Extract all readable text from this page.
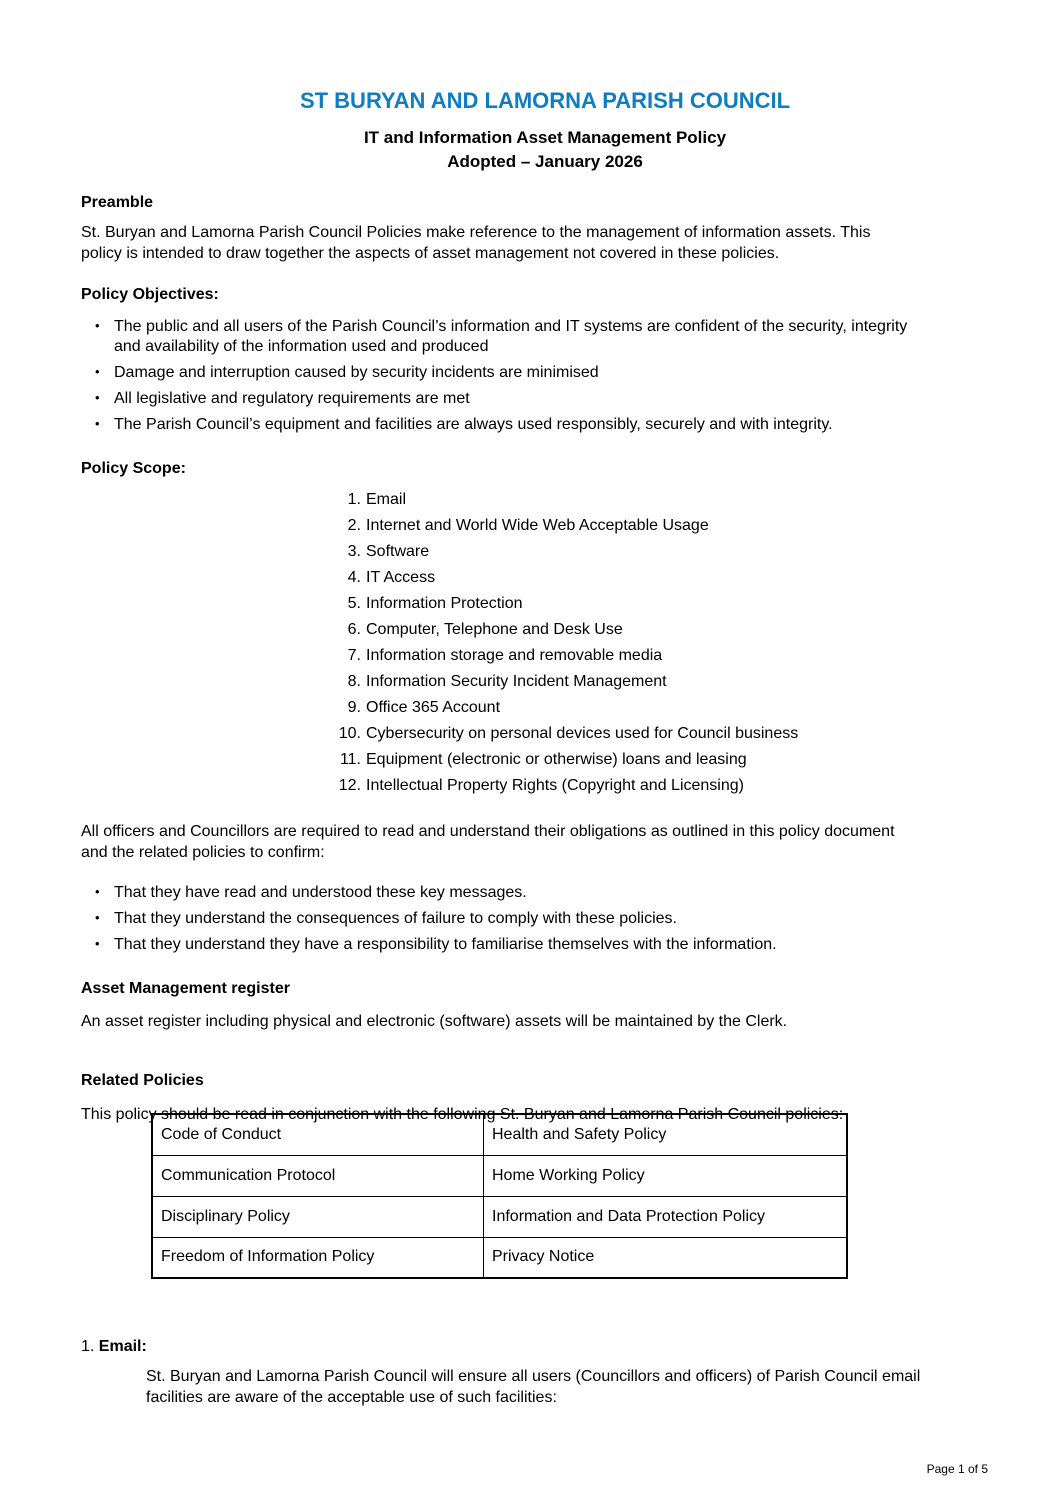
ST BURYAN AND LAMORNA PARISH COUNCIL
IT and Information Asset Management Policy
Adopted – January 2026
Preamble
St. Buryan and Lamorna Parish Council Policies make reference to the management of information assets. This
policy is intended to draw together the aspects of asset management not covered in these policies.
Policy Objectives:
• The public and all users of the Parish Council’s information and IT systems are confident of the security, integrity
and availability of the information used and produced
• Damage and interruption caused by security incidents are minimised
• All legislative and regulatory requirements are met
• The Parish Council’s equipment and facilities are always used responsibly, securely and with integrity.
Policy Scope:
1. Email
2. Internet and World Wide Web Acceptable Usage
3. Software
4. IT Access
5. Information Protection
6. Computer, Telephone and Desk Use
7. Information storage and removable media
8. Information Security Incident Management
9. Office 365 Account
10. Cybersecurity on personal devices used for Council business
11. Equipment (electronic or otherwise) loans and leasing
12. Intellectual Property Rights (Copyright and Licensing)
All officers and Councillors are required to read and understand their obligations as outlined in this policy document
and the related policies to confirm:
• That they have read and understood these key messages.
• That they understand the consequences of failure to comply with these policies.
• That they understand they have a responsibility to familiarise themselves with the information.
Asset Management register
An asset register including physical and electronic (software) assets will be maintained by the Clerk.
Related Policies
This policy should be read in conjunction with the following St. Buryan and Lamorna Parish Council policies:
Code of Conduct	Health and Safety Policy
Communication Protocol	Home Working Policy
Disciplinary Policy	Information and Data Protection Policy
Freedom of Information Policy	Privacy Notice
1. Email:
St. Buryan and Lamorna Parish Council will ensure all users (Councillors and officers) of Parish Council email
facilities are aware of the acceptable use of such facilities:
Page 1 of 5
